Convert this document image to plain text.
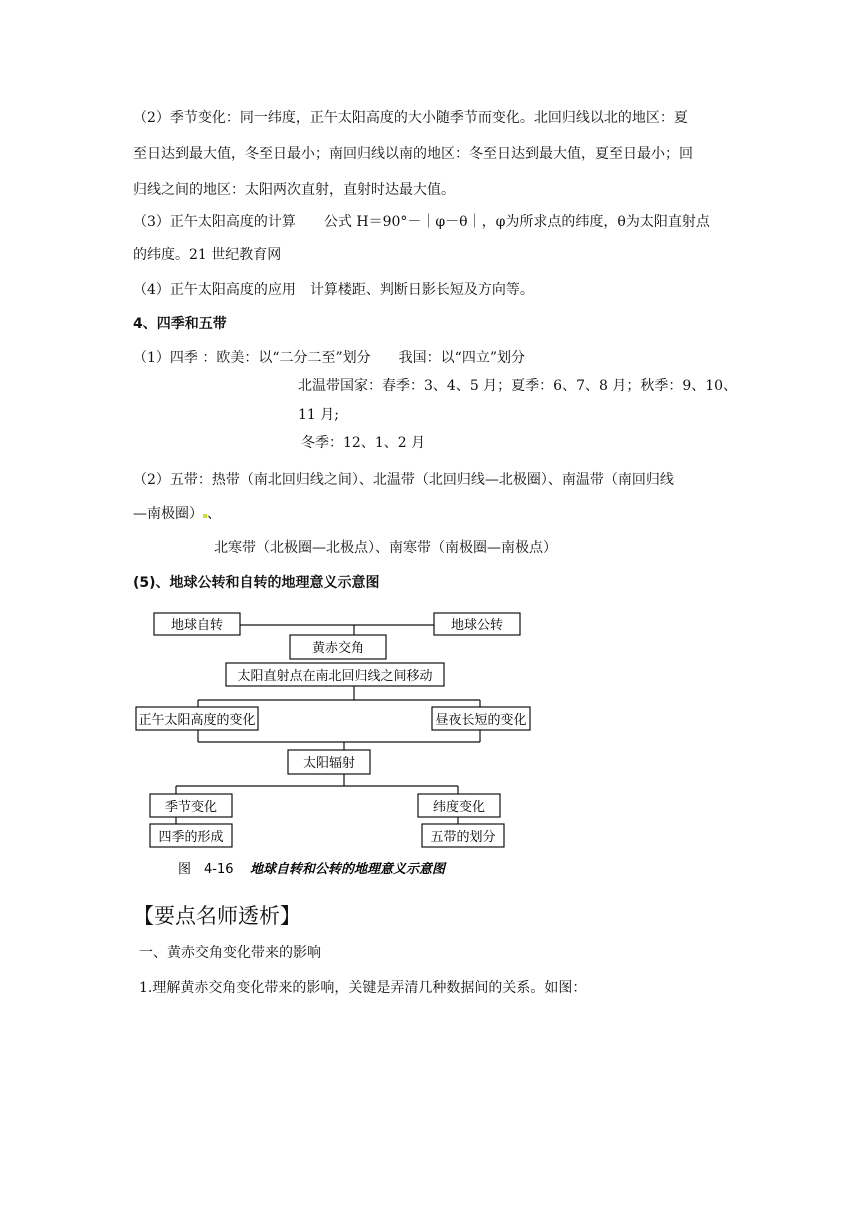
（2）季节变化：同一纬度，正午太阳高度的大小随季节而变化。北回归线以北的地区：夏
至日达到最大值，冬至日最小；南回归线以南的地区：冬至日达到最大值，夏至日最小；回
归线之间的地区：太阳两次直射，直射时达最大值。
（3）正午太阳高度的计算　　公式 H＝90°－｜φ－θ｜，φ为所求点的纬度，θ为太阳直射点
的纬度。21 世纪教育网
（4）正午太阳高度的应用　计算楼距、判断日影长短及方向等。
4、四季和五带
（1）四季 ：欧美：以“二分二至”划分　　我国：以“四立”划分
北温带国家：春季：3、4、5 月；夏季：6、7、8 月；秋季：9、10、
11 月;
冬季：12、1、2 月
（2）五带：热带（南北回归线之间）、北温带（北回归线—北极圈）、南温带（南回归线
—南极圈） 、
北寒带（北极圈—北极点）、南寒带（南极圈—南极点）
(5)、地球公转和自转的地理意义示意图
地球自转	地球公转
黄赤交角
太阳直射点在南北回归线之间移动
正午太阳高度的变化	昼夜长短的变化
太阳辐射
季节变化	纬度变化
四季的形成	五带的划分
图　4-16 地球自转和公转的地理意义示意图
【要点名师透析】
一、黄赤交角变化带来的影响
1.理解黄赤交角变化带来的影响，关键是弄清几种数据间的关系。如图：
